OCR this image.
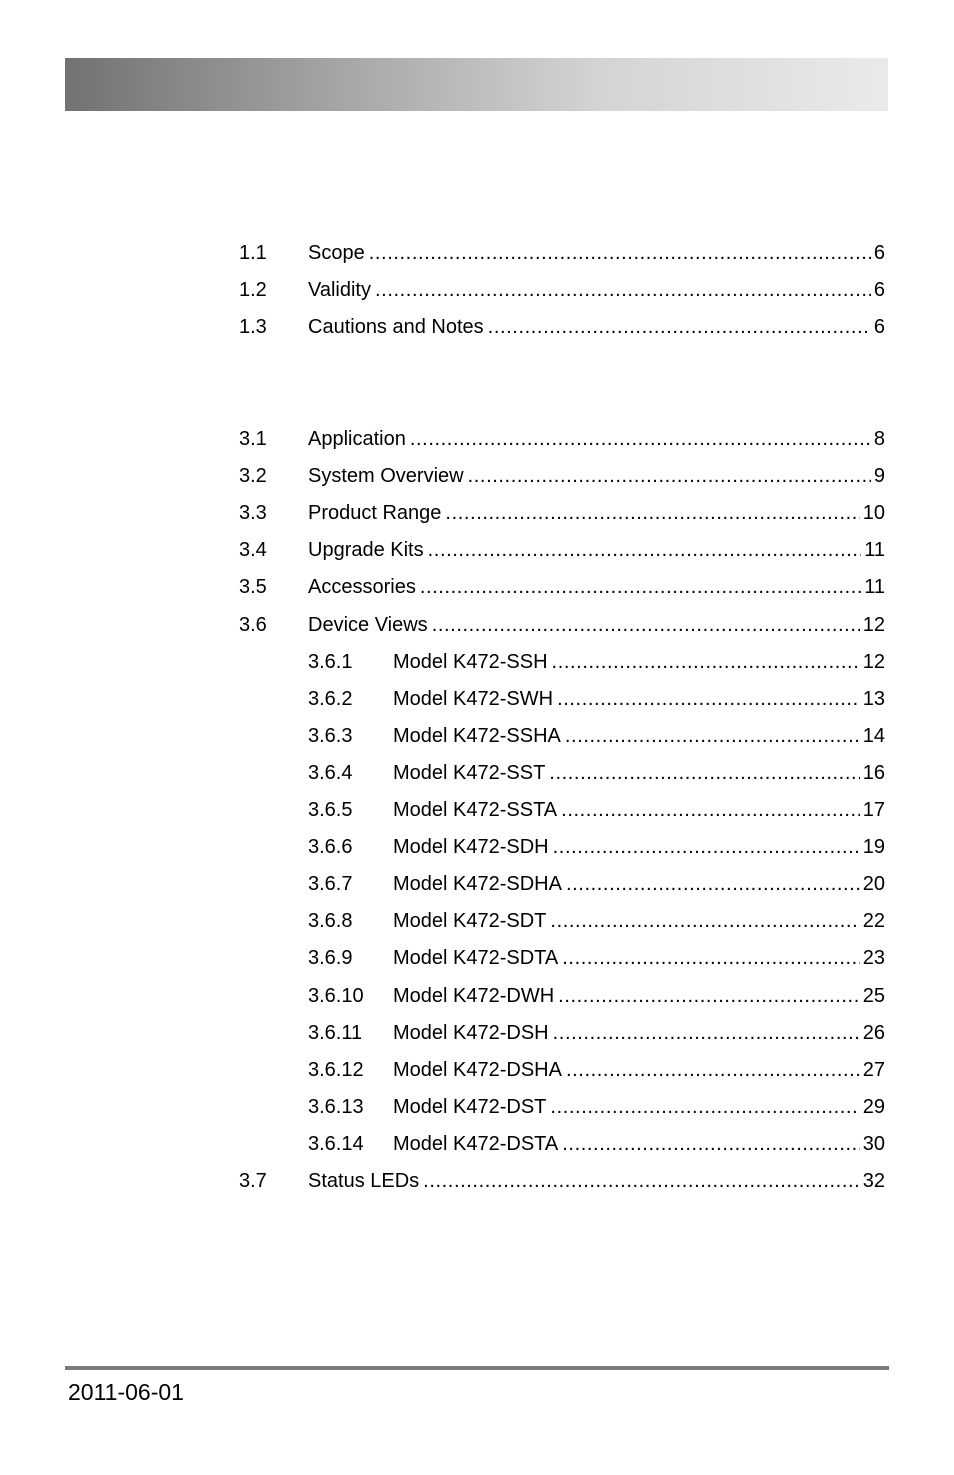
1.1 Scope .....	6
1.2 Validity .....	6
1.3 Cautions and Notes .....	6
3.1 Application .....	8
3.2 System Overview .....	9
3.3 Product Range .....	10
3.4 Upgrade Kits .....	11
3.5 Accessories .....	11
3.6 Device Views .....	12
3.6.1 Model K472-SSH .....	12
3.6.2 Model K472-SWH .....	13
3.6.3 Model K472-SSHA .....	14
3.6.4 Model K472-SST .....	16
3.6.5 Model K472-SSTA .....	17
3.6.6 Model K472-SDH .....	19
3.6.7 Model K472-SDHA .....	20
3.6.8 Model K472-SDT .....	22
3.6.9 Model K472-SDTA .....	23
3.6.10 Model K472-DWH .....	25
3.6.11 Model K472-DSH .....	26
3.6.12 Model K472-DSHA .....	27
3.6.13 Model K472-DST .....	29
3.6.14 Model K472-DSTA .....	30
3.7 Status LEDs .....	32
2011-06-01
